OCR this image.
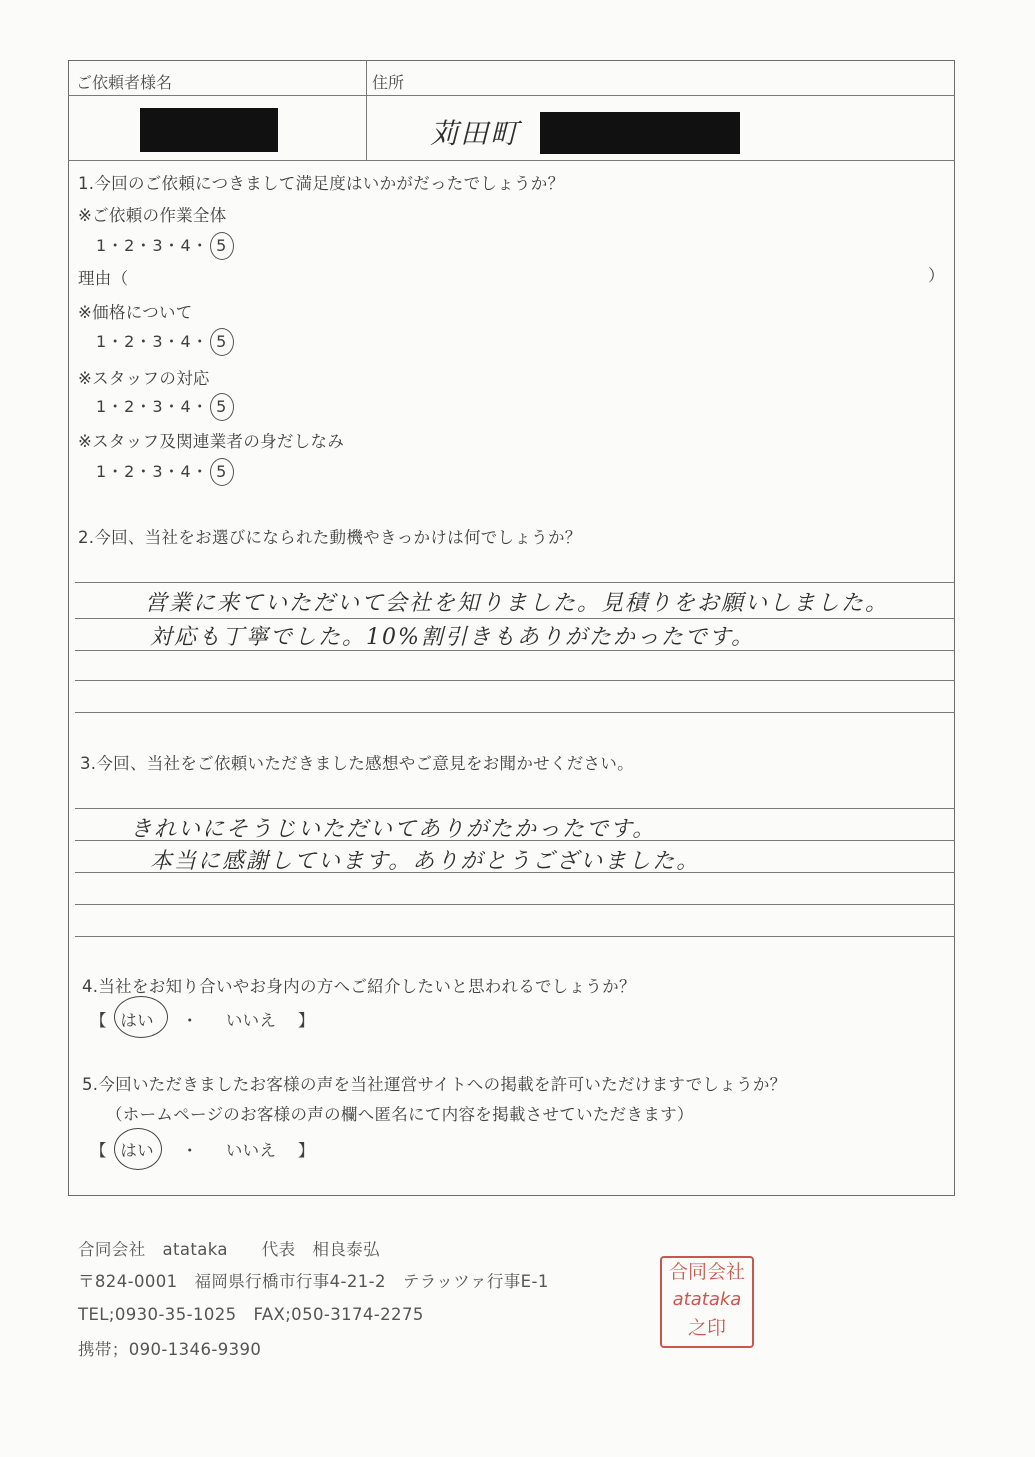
ご依頼者様名	住所
苅田町
1.今回のご依頼につきまして満足度はいかがだったでしょうか？
※ご依頼の作業全体
1・2・3・4・ 5
理由（	）
※価格について
1・2・3・4・ 5
※スタッフの対応
1・2・3・4・ 5
※スタッフ及関連業者の身だしなみ
1・2・3・4・ 5
2.今回、当社をお選びになられた動機やきっかけは何でしょうか？
営業に来ていただいて会社を知りました。見積りをお願いしました。
対応も丁寧でした。10%割引きもありがたかったです。
3.今回、当社をご依頼いただきました感想やご意見をお聞かせください。
きれいにそうじいただいてありがたかったです。
本当に感謝しています。ありがとうございました。
4.当社をお知り合いやお身内の方へご紹介したいと思われるでしょうか？
【 はい ・ いいえ 】
5.今回いただきましたお客様の声を当社運営サイトへの掲載を許可いただけますでしょうか？
（ホームページのお客様の声の欄へ匿名にて内容を掲載させていただきます）
【 はい ・ いいえ 】
合同会社　atataka　　代表　相良泰弘
〒824-0001　福岡県行橋市行事4-21-2　テラッツァ行事E-1
TEL;0930-35-1025　FAX;050-3174-2275
携帯；090-1346-9390
合同会社
atataka
之印
